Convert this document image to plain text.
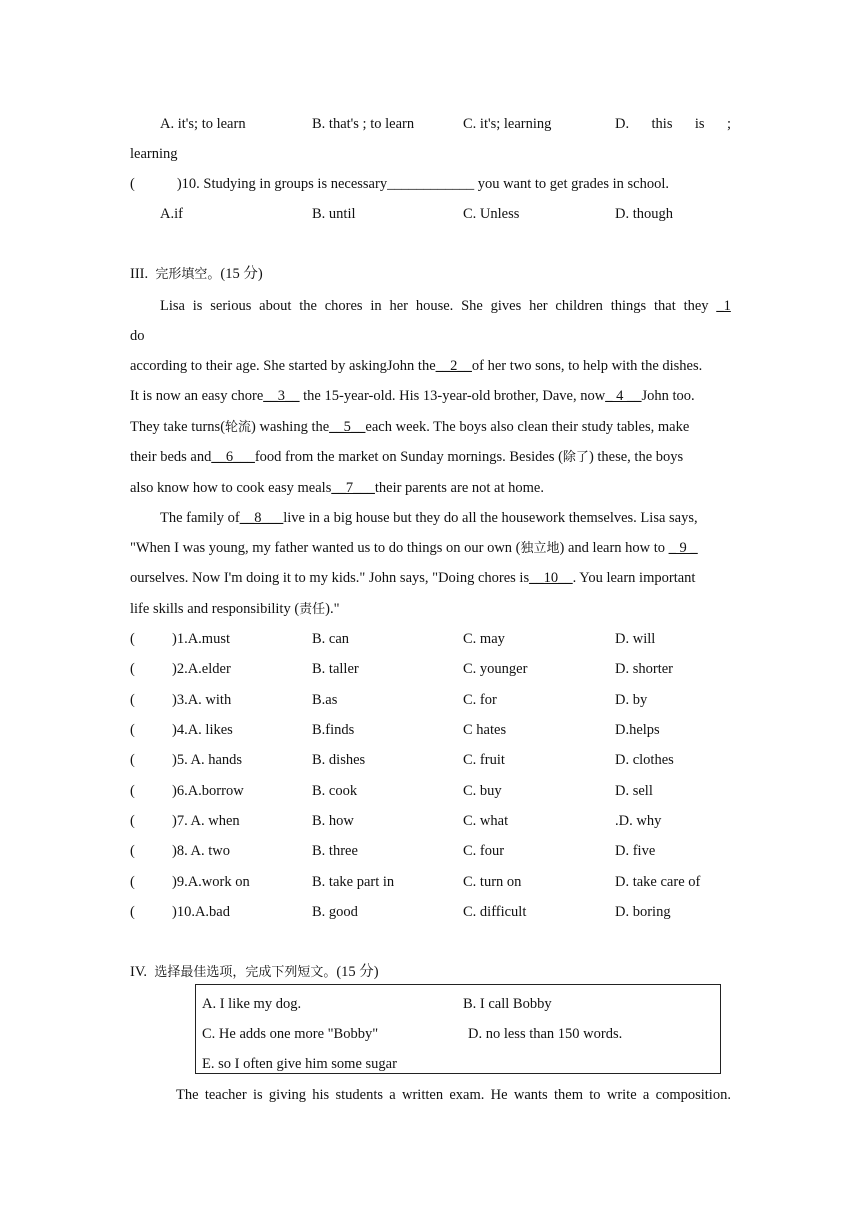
A. it's; to learn	B. that's ; to learn	C. it's; learning	D. this is ;
learning
(	)10. Studying in groups is necessary____________ you want to get grades in school.
A.if	B. until	C. Unless	D. though
III. 完形填空。(15 分)
Lisa is serious about the chores in her house. She gives her children things that they _1
do
according to their age. She started by askingJohn the__2__of her two sons, to help with the dishes.
It is now an easy chore__3__ the 15-year-old. His 13-year-old brother, Dave, now_ 4 __John too.
They take turns(轮流) washing the__5__each week. The boys also clean their study tables, make
their beds and__6___food from the market on Sunday mornings. Besides (除了) these, the boys
also know how to cook easy meals__7___their parents are not at home.
The family of__8___live in a big house but they do all the housework themselves. Lisa says,
"When I was young, my father wanted us to do things on our own (独立地) and learn how to _ 9 _
ourselves. Now I'm doing it to my kids." John says, "Doing chores is__10__. You learn important
life skills and responsibility (责任)."
(	)1.A.must	B. can	C. may	D. will
(	)2.A.elder	B. taller	C. younger	D. shorter
(	)3.A. with	B.as	C. for	D. by
(	)4.A. likes	B.finds	C hates	D.helps
(	)5. A. hands	B. dishes	C. fruit	D. clothes
(	)6.A.borrow	B. cook	C. buy	D. sell
(	)7. A. when	B. how	C. what	.D. why
(	)8. A. two	B. three	C. four	D. five
(	)9.A.work on	B. take part in	C. turn on	D. take care of
(	)10.A.bad	B. good	C. difficult	D. boring
IV. 选择最佳选项，完成下列短文。(15 分)
A. I like my dog.	B. I call Bobby
C. He adds one more "Bobby"	D. no less than 150 words.
E. so I often give him some sugar
The teacher is giving his students a written exam. He wants them to write a composition.
